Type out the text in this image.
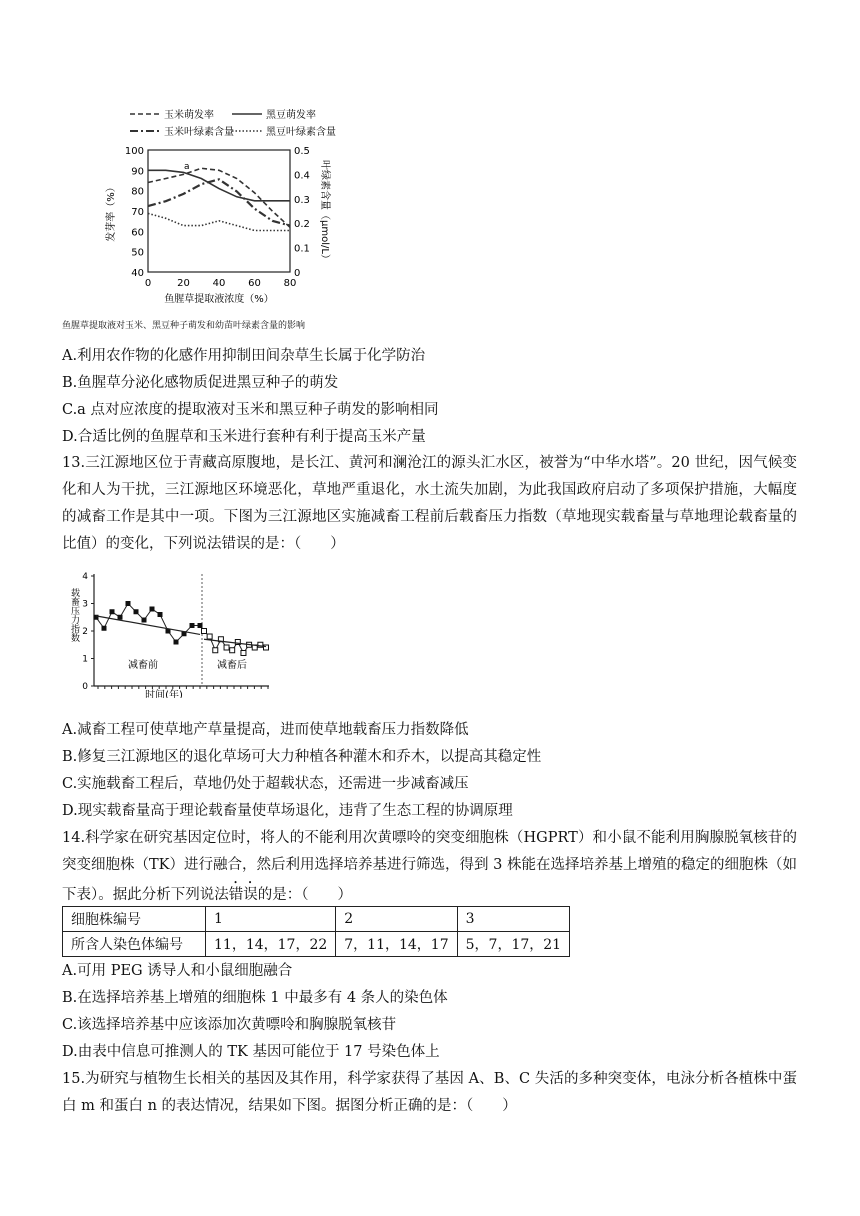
玉米萌发率	黑豆萌发率
玉米叶绿素含量	黑豆叶绿素含量
0	20 40 60 80
40
50
60
70
80
90
100
0
0.1
0.2
0.3
0.4
0.5
a
发芽率（%）	叶绿素含量（μmol/L）
鱼腥草提取液浓度（%）
鱼腥草提取液对玉米、黑豆种子萌发和幼苗叶绿素含量的影响
A.利用农作物的化感作用抑制田间杂草生长属于化学防治
B.鱼腥草分泌化感物质促进黑豆种子的萌发
C.a 点对应浓度的提取液对玉米和黑豆种子萌发的影响相同
D.合适比例的鱼腥草和玉米进行套种有利于提高玉米产量
13.三江源地区位于青藏高原腹地，是长江、黄河和澜沧江的源头汇水区，被誉为“中华水塔”。20 世纪，因气候变化和人为干扰，三江源地区环境恶化，草地严重退化，水土流失加剧，为此我国政府启动了多项保护措施，大幅度的减畜工作是其中一项。下图为三江源地区实施减畜工程前后载畜压力指数（草地现实载畜量与草地理论载畜量的比值）的变化，下列说法错误的是：（　　）
0
1
2
3
4
减畜前	减畜后
时间(年)
载畜压力指数
A.减畜工程可使草地产草量提高，进而使草地载畜压力指数降低
B.修复三江源地区的退化草场可大力种植各种灌木和乔木，以提高其稳定性
C.实施载畜工程后，草地仍处于超载状态，还需进一步减畜减压
D.现实载畜量高于理论载畜量使草场退化，违背了生态工程的协调原理
14.科学家在研究基因定位时，将人的不能利用次黄嘌呤的突变细胞株（HGPRT）和小鼠不能利用胸腺脱氧核苷的突变细胞株（TK）进行融合，然后利用选择培养基进行筛选，得到 3 株能在选择培养基上增殖的稳定的细胞株（如下表）。据此分析下列说法错误的是：（　　）
细胞株编号	1	2	3
所含人染色体编号	11，14，17，22	7，11，14，17	5，7，17，21
A.可用 PEG 诱导人和小鼠细胞融合
B.在选择培养基上增殖的细胞株 1 中最多有 4 条人的染色体
C.该选择培养基中应该添加次黄嘌呤和胸腺脱氧核苷
D.由表中信息可推测人的 TK 基因可能位于 17 号染色体上
15.为研究与植物生长相关的基因及其作用，科学家获得了基因 A、B、C 失活的多种突变体，电泳分析各植株中蛋白 m 和蛋白 n 的表达情况，结果如下图。据图分析正确的是：（　　）
